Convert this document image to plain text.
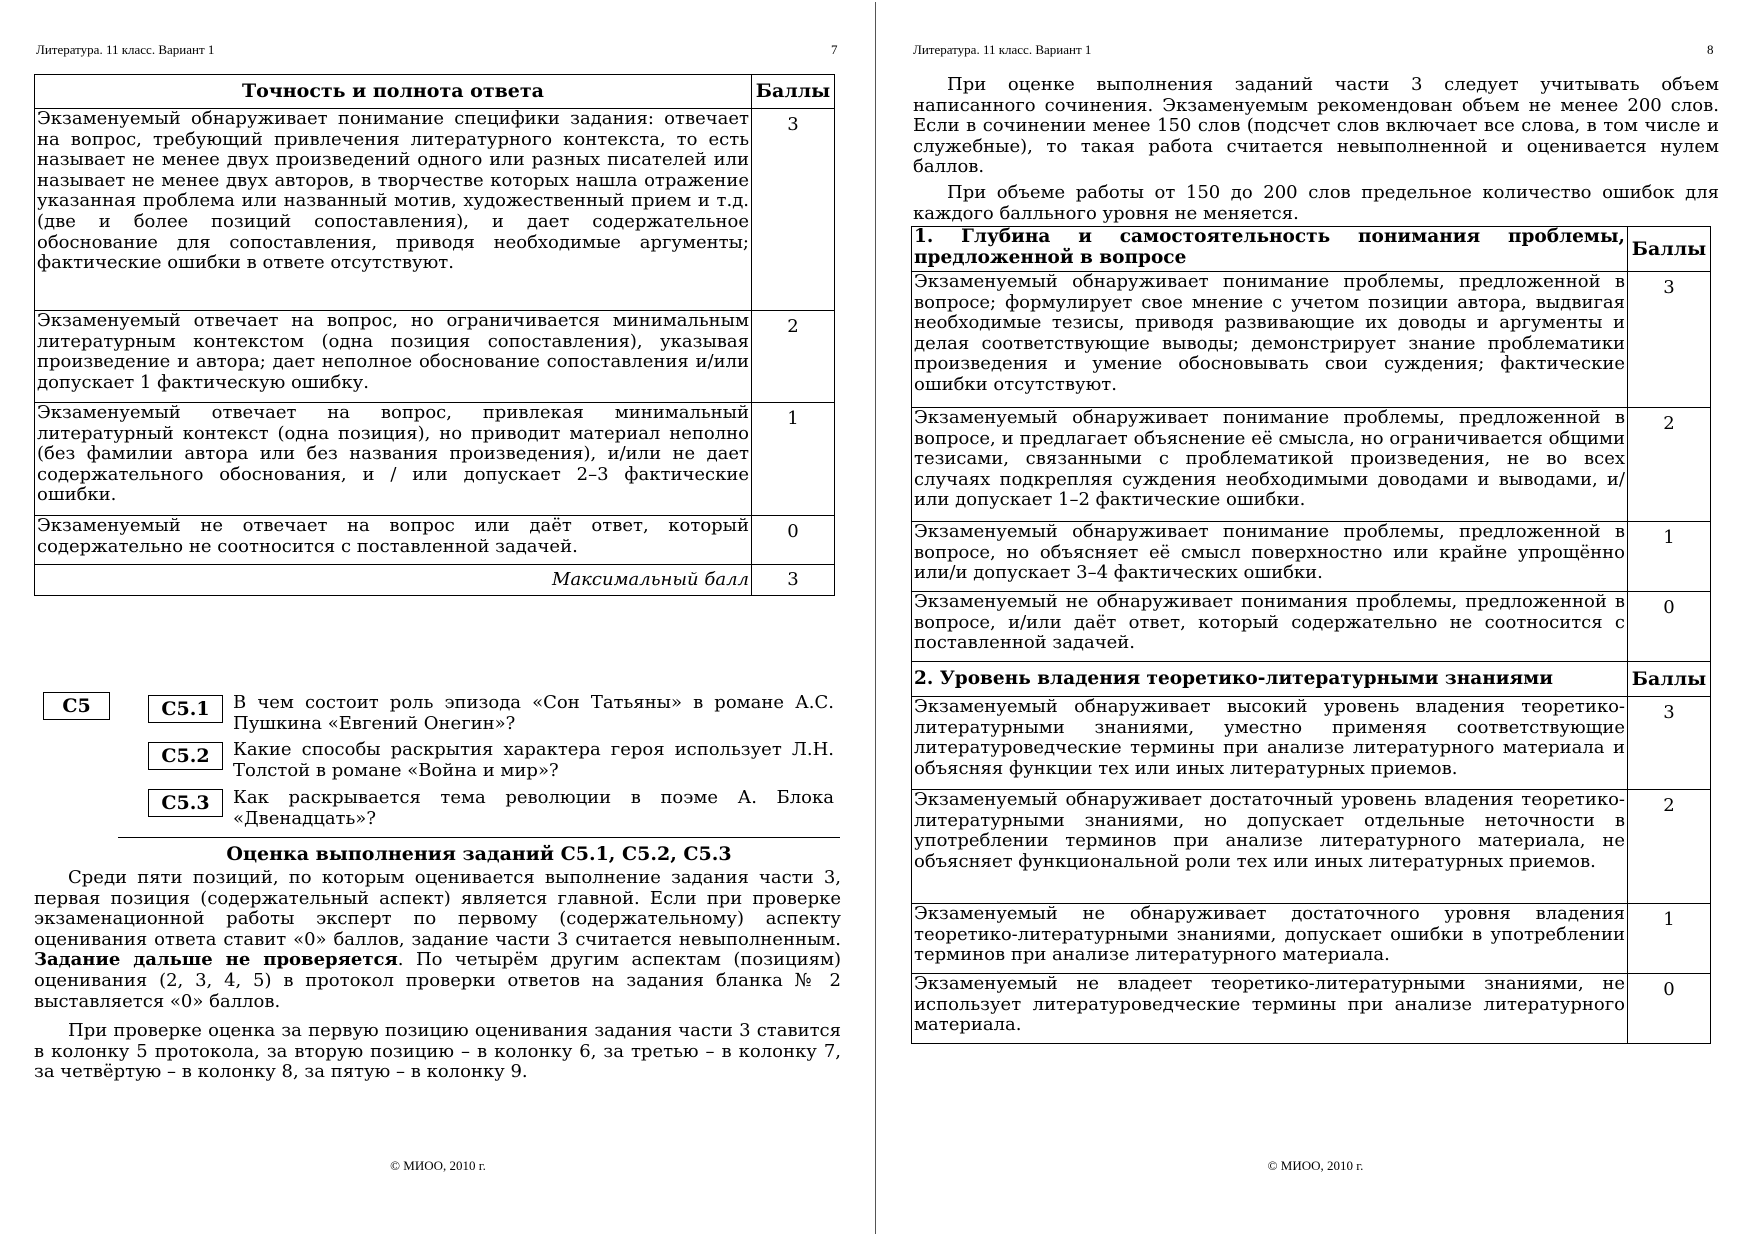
Литература. 11 класс. Вариант 1	7
Точность и полнота ответа	Баллы
Экзаменуемый обнаруживает понимание специфики задания: отвечает на вопрос, требующий привлечения литературного контекста, то есть называет не менее двух произведений одного или разных писателей или называет не менее двух авторов, в творчестве которых нашла отражение указанная проблема или названный мотив, художественный прием и т.д. (две и более позиций сопоставления), и дает содержательное обоснование для сопоставления, приводя необходимые аргументы; фактические ошибки в ответе отсутствуют.	3
Экзаменуемый отвечает на вопрос, но ограничивается минимальным литературным контекстом (одна позиция сопоставления), указывая произведение и автора; дает неполное обоснование сопоставления и/или допускает 1 фактическую ошибку.	2
Экзаменуемый отвечает на вопрос, привлекая минимальный литературный контекст (одна позиция), но приводит материал неполно (без фамилии автора или без названия произведения), и/или не дает содержательного обоснования, и / или допускает 2–3 фактические ошибки.	1
Экзаменуемый не отвечает на вопрос или даёт ответ, который содержательно не соотносится с поставленной задачей.	0
Максимальный балл	3
С5	С5.1	В чем состоит роль эпизода «Сон Татьяны» в романе А.С. Пушкина «Евгений Онегин»?
С5.2	Какие способы раскрытия характера героя использует Л.Н. Толстой в романе «Война и мир»?
С5.3	Как раскрывается тема революции в поэме А. Блока «Двенадцать»?
Оценка выполнения заданий С5.1, С5.2, С5.3

Среди пяти позиций, по которым оценивается выполнение задания части 3, первая позиция (содержательный аспект) является главной. Если при проверке экзаменационной работы эксперт по первому (содержательному) аспекту оценивания ответа ставит «0» баллов, задание части 3 считается невыполненным. Задание дальше не проверяется. По четырём другим аспектам (позициям) оценивания (2, 3, 4, 5) в протокол проверки ответов на задания бланка № 2 выставляется «0» баллов.

При проверке оценка за первую позицию оценивания задания части 3 ставится в колонку 5 протокола, за вторую позицию – в колонку 6, за третью – в колонку 7, за четвёртую – в колонку 8, за пятую – в колонку 9.

© МИОО, 2010 г.
Литература. 11 класс. Вариант 1	8

При оценке выполнения заданий части 3 следует учитывать объем написанного сочинения. Экзаменуемым рекомендован объем не менее 200 слов. Если в сочинении менее 150 слов (подсчет слов включает все слова, в том числе и служебные), то такая работа считается невыполненной и оценивается нулем баллов.

При объеме работы от 150 до 200 слов предельное количество ошибок для каждого балльного уровня не меняется.

1. Глубина и самостоятельность понимания проблемы, предложенной в вопросе	Баллы
Экзаменуемый обнаруживает понимание проблемы, предложенной в вопросе; формулирует свое мнение с учетом позиции автора, выдвигая необходимые тезисы, приводя развивающие их доводы и аргументы и делая соответствующие выводы; демонстрирует знание проблематики произведения и умение обосновывать свои суждения; фактические ошибки отсутствуют.	3
Экзаменуемый обнаруживает понимание проблемы, предложенной в вопросе, и предлагает объяснение её смысла, но ограничивается общими тезисами, связанными с проблематикой произведения, не во всех случаях подкрепляя суждения необходимыми доводами и выводами, и/или допускает 1–2 фактические ошибки.	2
Экзаменуемый обнаруживает понимание проблемы, предложенной в вопросе, но объясняет её смысл поверхностно или крайне упрощённо или/и допускает 3–4 фактических ошибки.	1
Экзаменуемый не обнаруживает понимания проблемы, предложенной в вопросе, и/или даёт ответ, который содержательно не соотносится с поставленной задачей.	0
2. Уровень владения теоретико-литературными знаниями	Баллы
Экзаменуемый обнаруживает высокий уровень владения теоретико-литературными знаниями, уместно применяя соответствующие литературоведческие термины при анализе литературного материала и объясняя функции тех или иных литературных приемов.	3
Экзаменуемый обнаруживает достаточный уровень владения теоретико-литературными знаниями, но допускает отдельные неточности в употреблении терминов при анализе литературного материала, не объясняет функциональной роли тех или иных литературных приемов.	2
Экзаменуемый не обнаруживает достаточного уровня владения теоретико-литературными знаниями, допускает ошибки в употреблении терминов при анализе литературного материала.	1
Экзаменуемый не владеет теоретико-литературными знаниями, не использует литературоведческие термины при анализе литературного материала.	0
© МИОО, 2010 г.
